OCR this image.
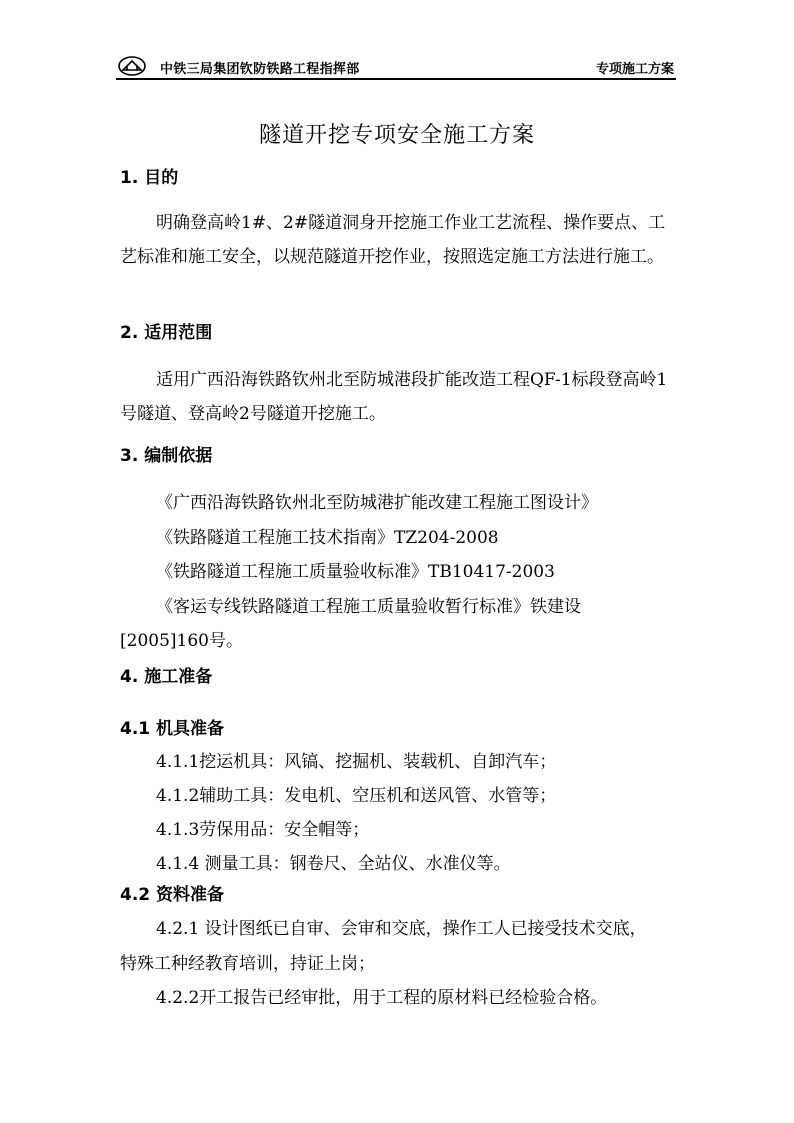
中铁三局集团钦防铁路工程指挥部	专项施工方案
隧道开挖专项安全施工方案
1. 目的
明确登高岭1#、2#隧道洞身开挖施工作业工艺流程、操作要点、工艺标准和施工安全，以规范隧道开挖作业，按照选定施工方法进行施工。
2. 适用范围
适用广西沿海铁路钦州北至防城港段扩能改造工程QF-1标段登高岭1号隧道、登高岭2号隧道开挖施工。
3. 编制依据
《广西沿海铁路钦州北至防城港扩能改建工程施工图设计》
《铁路隧道工程施工技术指南》TZ204-2008
《铁路隧道工程施工质量验收标准》TB10417-2003
《客运专线铁路隧道工程施工质量验收暂行标准》铁建设
[2005]160号。
4. 施工准备
4.1 机具准备
4.1.1挖运机具：风镐、挖掘机、装载机、自卸汽车；
4.1.2辅助工具：发电机、空压机和送风管、水管等；
4.1.3劳保用品：安全帽等；
4.1.4 测量工具：钢卷尺、全站仪、水准仪等。
4.2 资料准备
4.2.1 设计图纸已自审、会审和交底，操作工人已接受技术交底，
特殊工种经教育培训，持证上岗；
4.2.2开工报告已经审批，用于工程的原材料已经检验合格。
